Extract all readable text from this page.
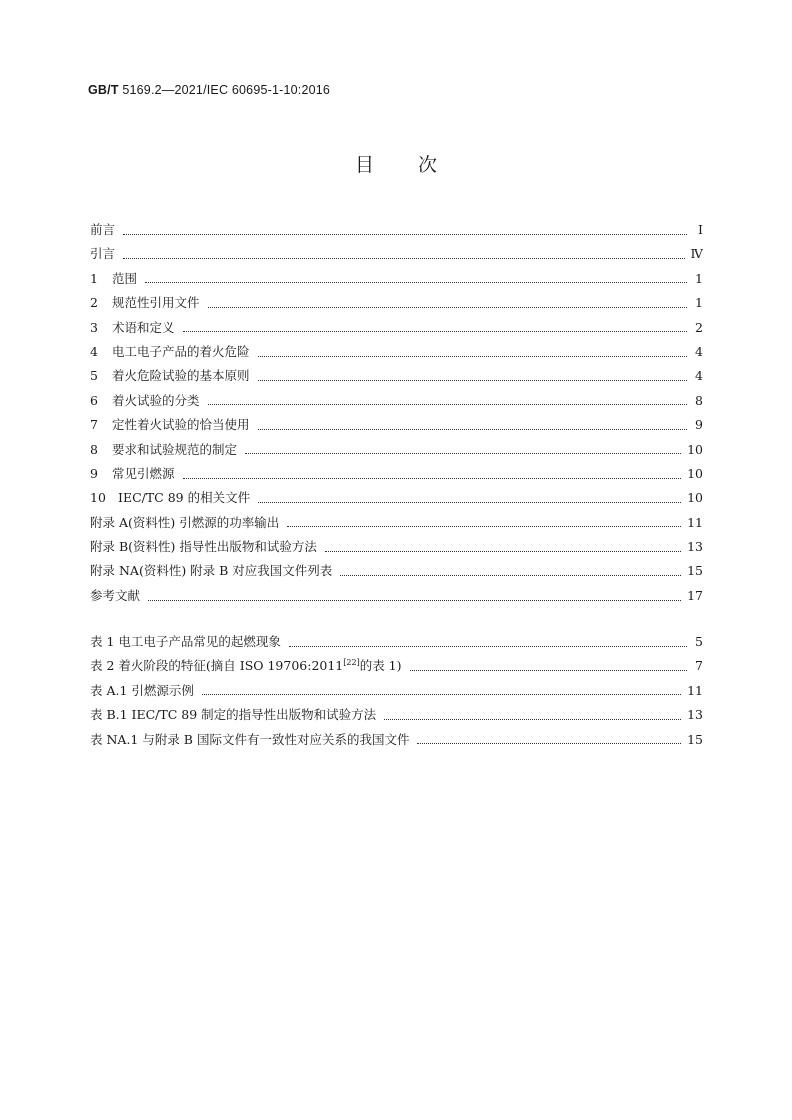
GB/T 5169.2—2021/IEC 60695-1-10:2016
目 次
前言	Ⅰ
引言	Ⅳ
1	范围	1
2	规范性引用文件	1
3	术语和定义	2
4	电工电子产品的着火危险	4
5	着火危险试验的基本原则	4
6	着火试验的分类	8
7	定性着火试验的恰当使用	9
8	要求和试验规范的制定	10
9	常见引燃源	10
10 IEC/TC 89 的相关文件	10
附录 A(资料性) 引燃源的功率输出	11
附录 B(资料性) 指导性出版物和试验方法	13
附录 NA(资料性) 附录 B 对应我国文件列表	15
参考文献	17
表 1 电工电子产品常见的起燃现象	5
表 2 着火阶段的特征(摘自 ISO 19706:2011[22]的表 1)	7
表 A.1 引燃源示例	11
表 B.1 IEC/TC 89 制定的指导性出版物和试验方法	13
表 NA.1 与附录 B 国际文件有一致性对应关系的我国文件	15
